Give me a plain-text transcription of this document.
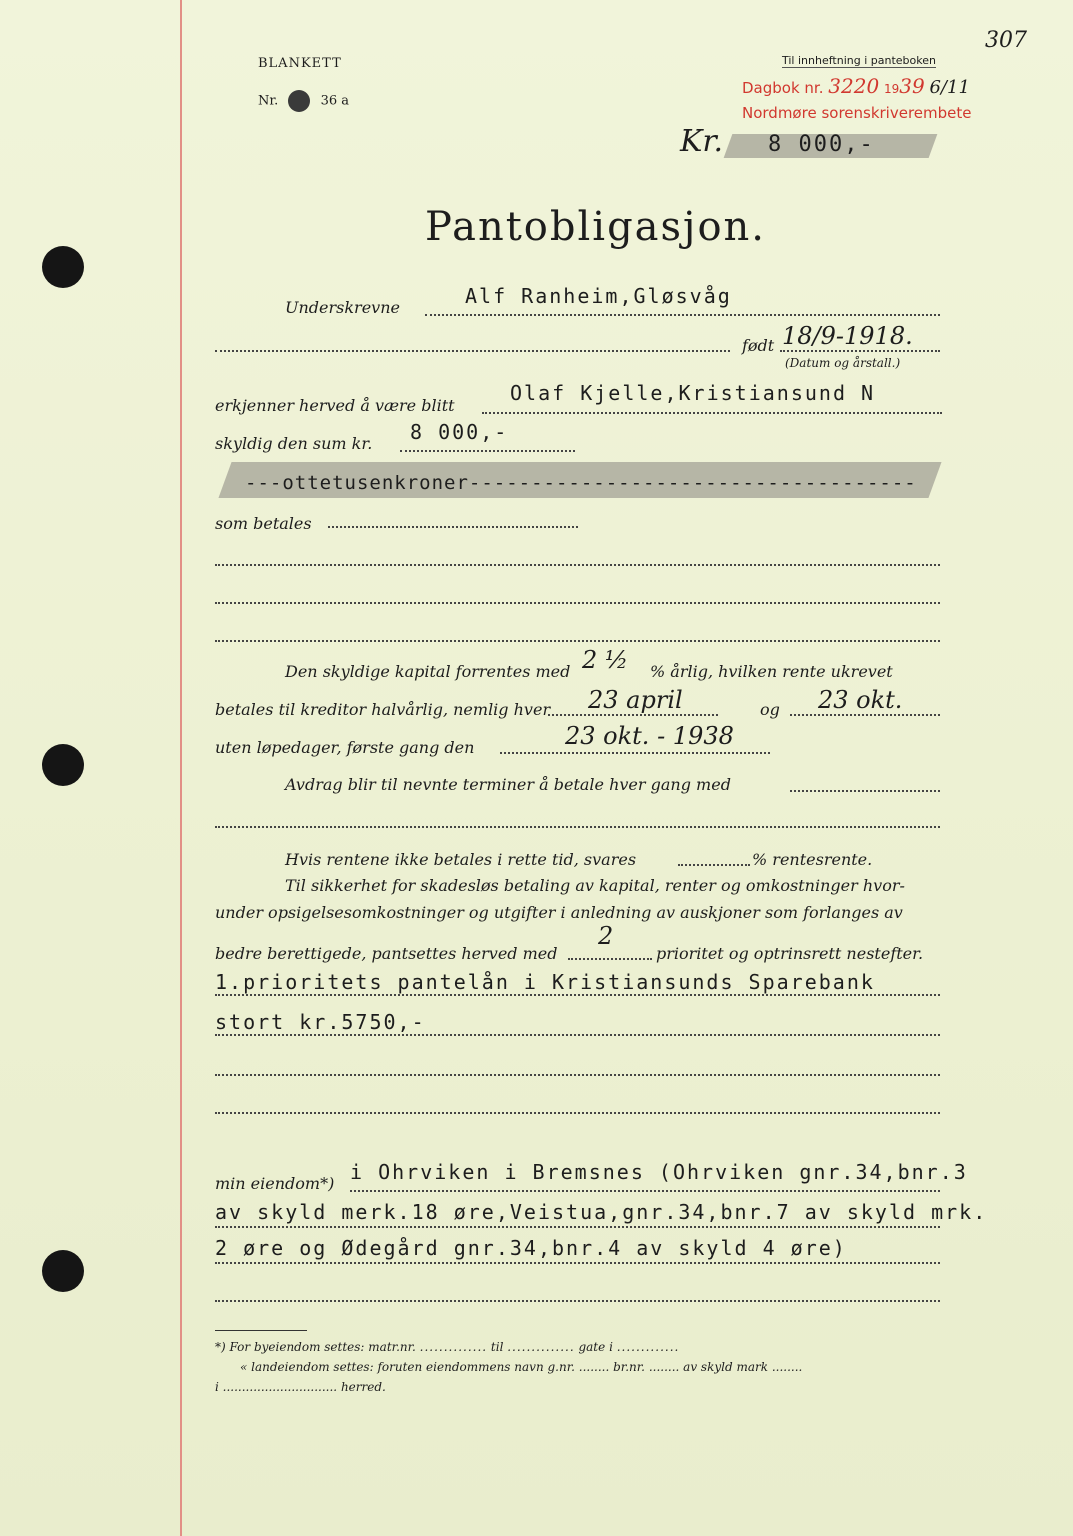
BLANKETT
Nr.	36 a
307
Til innheftning i panteboken
Dagbok nr. 3220 1939 6/11
Nordmøre sorenskriverembete
Kr. 8 000,-
Pantobligasjon.
Underskrevne	Alf Ranheim,Gløsvåg
født 18/9-1918.
(Datum og årstall.)
erkjenner herved å være blitt
Olaf Kjelle,Kristiansund N
skyldig den sum kr. 8 000,-
---ottetusenkroner------------------------------------
som betales
Den skyldige kapital forrentes med 2 ½ % årlig, hvilken rente ukrevet
betales til kreditor halvårlig, nemlig hver 23 april	og 23 okt.
uten løpedager, første gang den	23 okt. - 1938
Avdrag blir til nevnte terminer å betale hver gang med
Hvis rentene ikke betales i rette tid, svares	% rentesrente.
Til sikkerhet for skadesløs betaling av kapital, renter og omkostninger hvor-
under opsigelsesomkostninger og utgifter i anledning av auskjoner som forlanges av
bedre berettigede, pantsettes herved med
2
prioritet og optrinsrett nestefter.
1.prioritets pantelån i Kristiansunds Sparebank
stort kr.5750,-
min eiendom*) i Ohrviken i Bremsnes (Ohrviken gnr.34,bnr.3
av skyld merk.18 øre,Veistua,gnr.34,bnr.7 av skyld mrk.
2 øre og Ødegård gnr.34,bnr.4 av skyld 4 øre)
*) For byeiendom settes: matr.nr. .............. til .............. gate i .............
« landeiendom settes: foruten eiendommens navn g.nr. ........ br.nr. ........ av skyld mark ........
i .............................. herred.
